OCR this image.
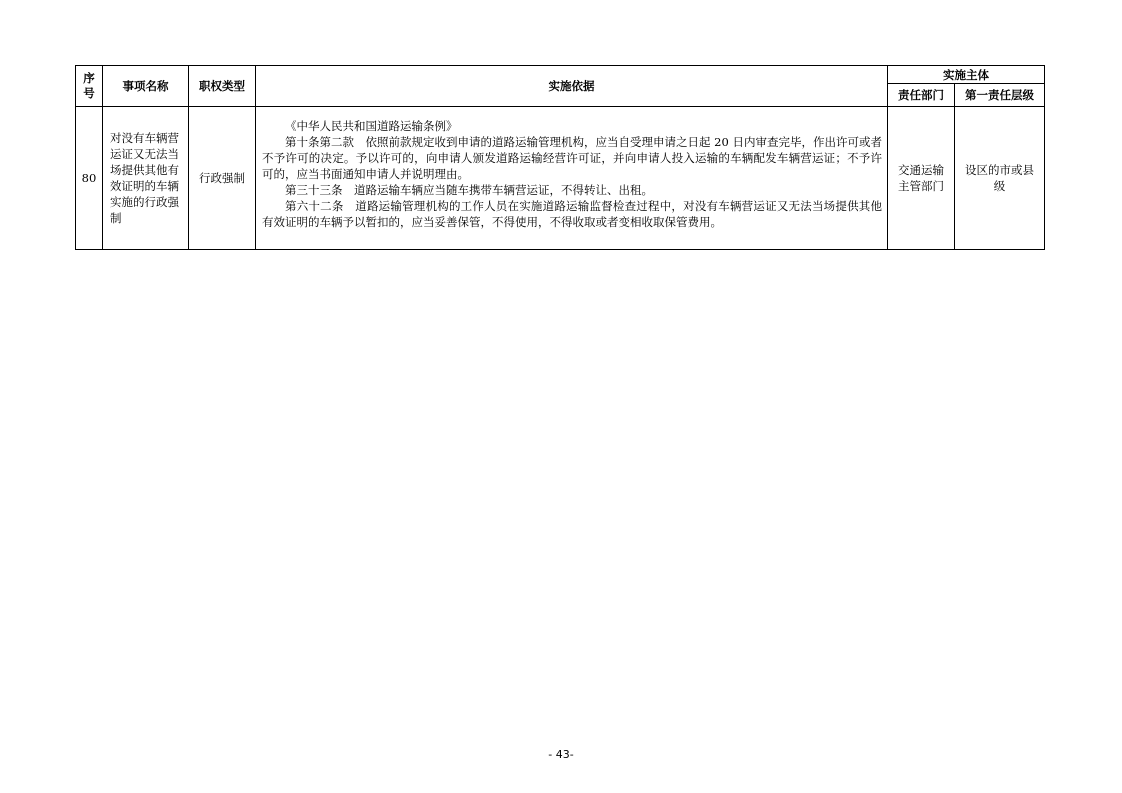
序号	事项名称	职权类型	实施依据	实施主体	
				责任部门	第一责任层级
80	对没有车辆营运证又无法当场提供其他有效证明的车辆实施的行政强制	行政强制	《中华人民共和国道路运输条例》
第十条第二款　依照前款规定收到申请的道路运输管理机构，应当自受理申请之日起 20 日内审查完毕，作出许可或者不予许可的决定。予以许可的，向申请人颁发道路运输经营许可证，并向申请人投入运输的车辆配发车辆营运证；不予许可的，应当书面通知申请人并说明理由。
第三十三条　道路运输车辆应当随车携带车辆营运证，不得转让、出租。
第六十二条　道路运输管理机构的工作人员在实施道路运输监督检查过程中，对没有车辆营运证又无法当场提供其他有效证明的车辆予以暂扣的，应当妥善保管，不得使用，不得收取或者变相收取保管费用。	交通运输主管部门	设区的市或县级
- 43-
